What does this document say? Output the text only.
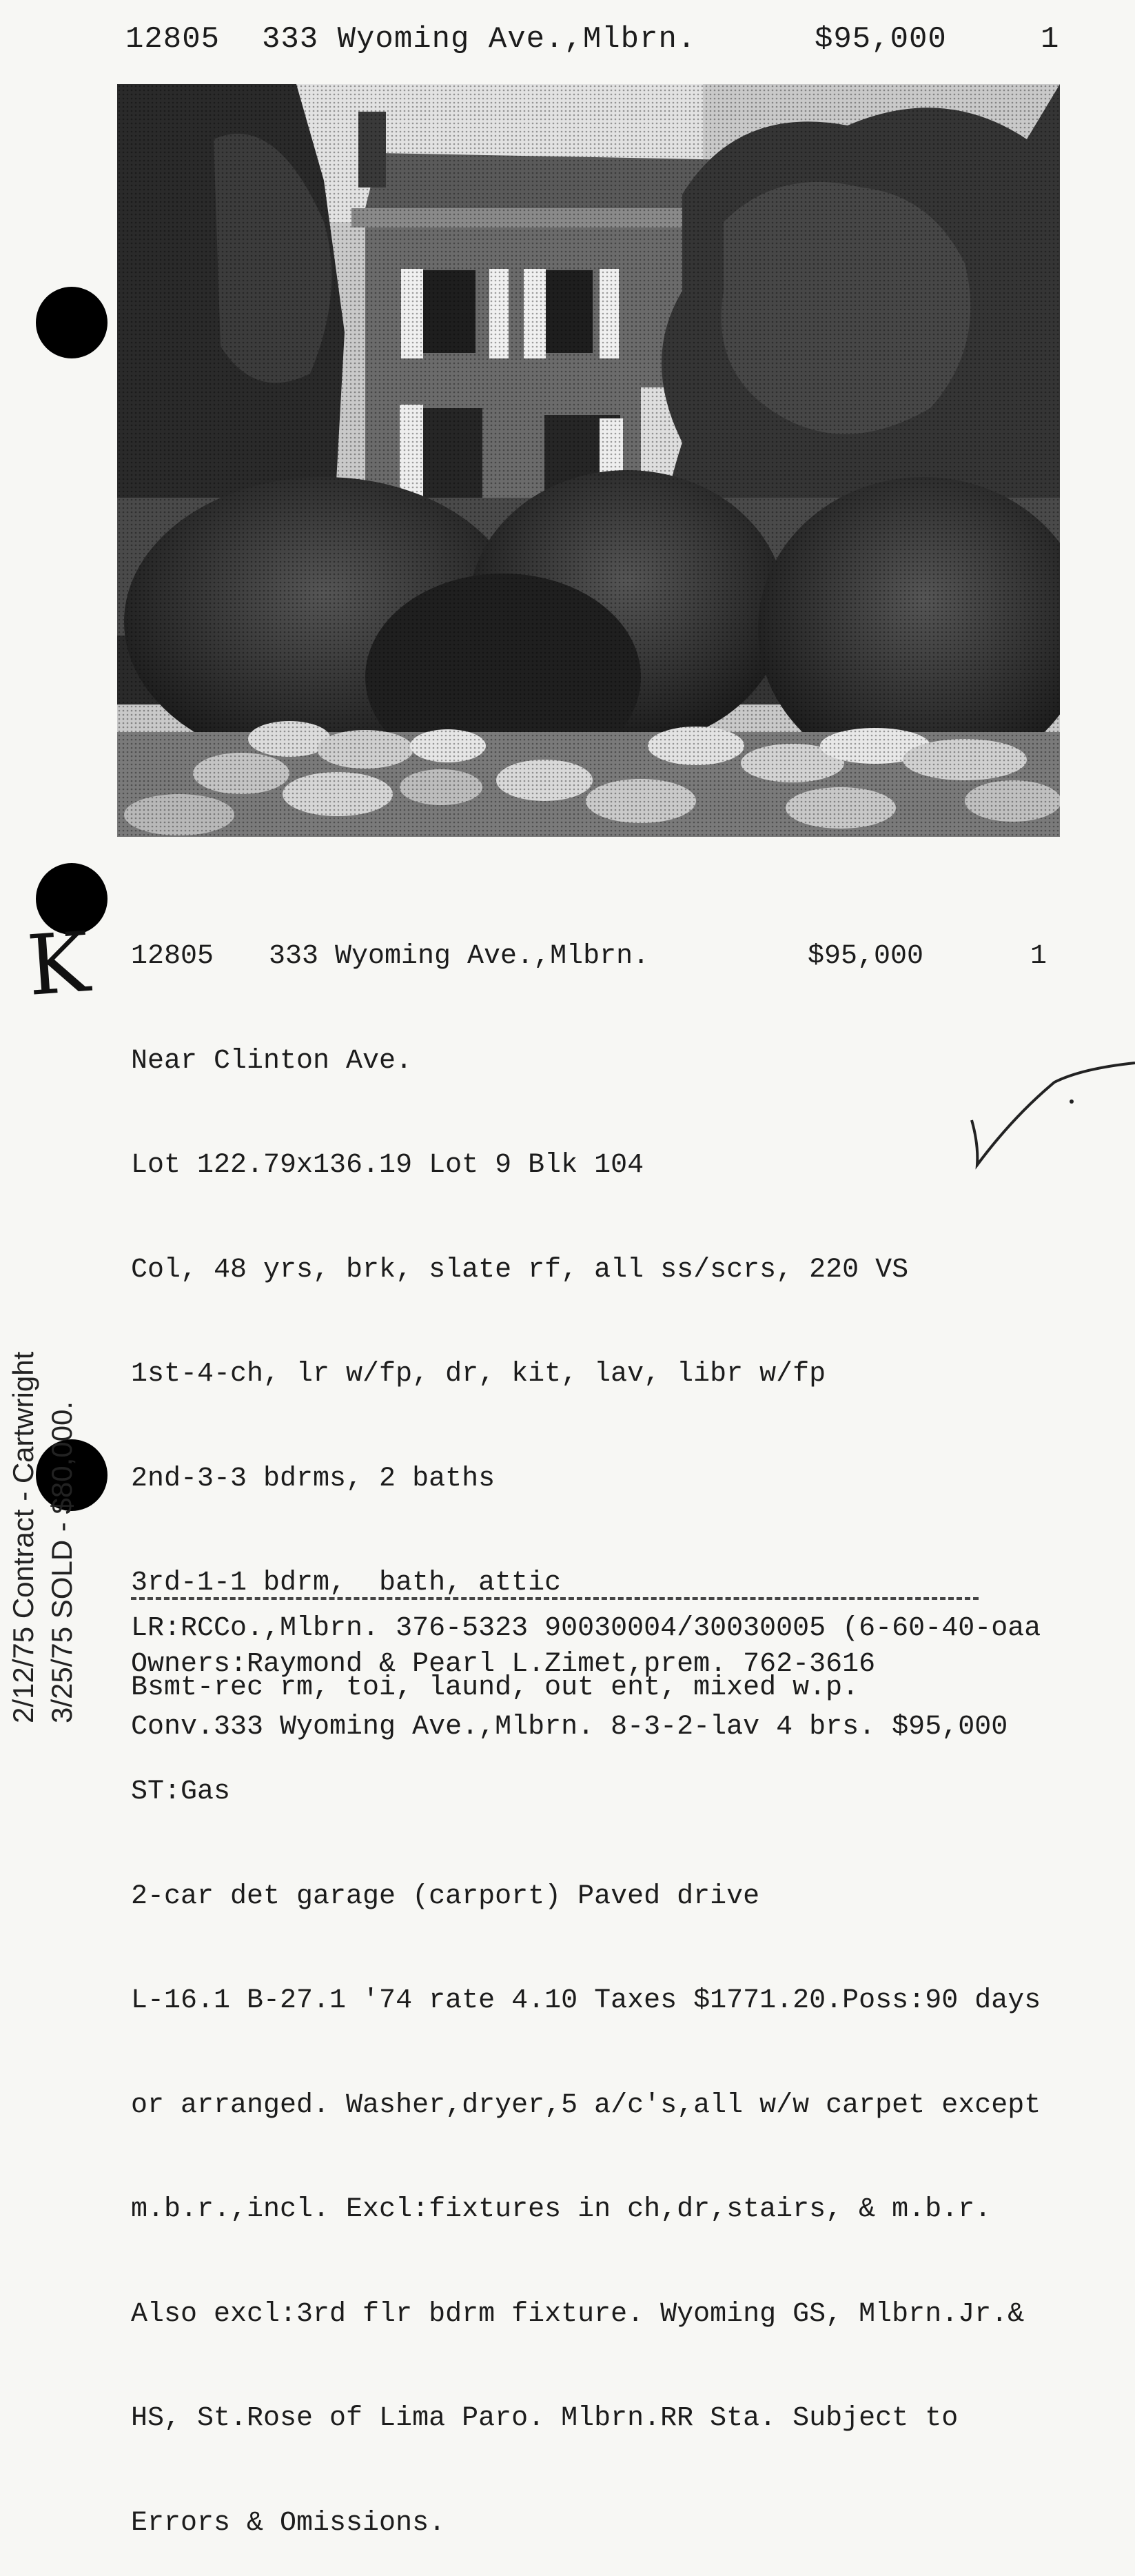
12805 333 Wyoming Ave.,Mlbrn.	$95,000	1

12805

333 Wyoming Ave.,Mlbrn.

	$95,000

	1

Near Clinton Ave.

Lot 122.79x136.19 Lot 9 Blk 104

Col, 48 yrs, brk, slate rf, all ss/scrs, 220 VS

1st-4-ch, lr w/fp, dr, kit, lav, libr w/fp

2nd-3-3 bdrms, 2 baths

3rd-1-1 bdrm,  bath, attic

Bsmt-rec rm, toi, laund, out ent, mixed w.p.

ST:Gas

2-car det garage (carport) Paved drive

L-16.1 B-27.1 '74 rate 4.10 Taxes $1771.20.Poss:90 days

or arranged. Washer,dryer,5 a/c's,all w/w carpet except

m.b.r.,incl. Excl:fixtures in ch,dr,stairs, & m.b.r.

Also excl:3rd flr bdrm fixture. Wyoming GS, Mlbrn.Jr.&

HS, St.Rose of Lima Paro. Mlbrn.RR Sta. Subject to

Errors & Omissions.

K
2/12/75 Contract - Cartwright 3/25/75 SOLD - $80,000. LR:RCCo.,Mlbrn. 376-5323 90030004/30030005 (6-60-40-oaa
Owners:Raymond & Pearl L.Zimet,prem. 762-3616
Conv.333 Wyoming Ave.,Mlbrn. 8-3-2-lav 4 brs. $95,000
